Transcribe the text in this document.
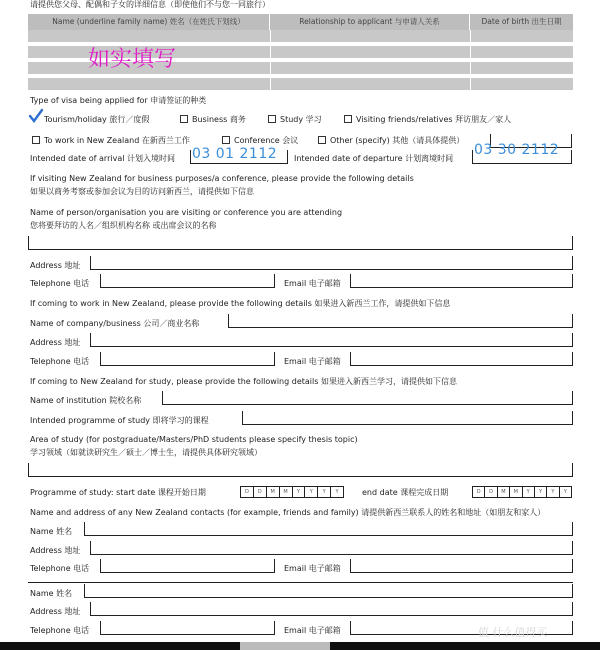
请提供您父母、配偶和子女的详细信息（即使他们不与您一同旅行）
Name (underline family name) 姓名（在姓氏下划线）	Relationship to applicant 与申请人关系	Date of birth 出生日期
如实填写
Type of visa being applied for 申请签证的种类
Tourism/holiday 旅行／度假	Business 商务	Study 学习	Visiting friends/relatives 拜访朋友／家人
To work in New Zealand 在新西兰工作	Conference 会议	Other (specify) 其他（请具体提供）
Intended date of arrival 计划入境时间 03 01 2112 Intended date of departure 计划离境时间
03 30 2112
If visiting New Zealand for business purposes/a conference, please provide the following details
如果以商务考察或参加会议为目的访问新西兰，请提供如下信息
Name of person/organisation you are visiting or conference you are attending
您将要拜访的人名／组织机构名称 或出席会议的名称
Address 地址
Telephone 电话	Email 电子邮箱
If coming to work in New Zealand, please provide the following details 如果进入新西兰工作，请提供如下信息
Name of company/business 公司／商业名称
Address 地址
Telephone 电话	Email 电子邮箱
If coming to New Zealand for study, please provide the following details 如果进入新西兰学习，请提供如下信息
Name of institution 院校名称
Intended programme of study 即将学习的课程
Area of study (for postgraduate/Masters/PhD students please specify thesis topic)
学习领域（如就读研究生／硕士／博士生，请提供具体研究领域）
Programme of study: start date 课程开始日期	D	D	M	M	Y	Y	Y	Y	end date 课程完成日期	D	D	M	M	Y	Y	Y	Y
Name and address of any New Zealand contacts (for example, friends and family) 请提供新西兰联系人的姓名和地址（如朋友和家人）
Name 姓名
Address 地址
Telephone 电话	Email 电子邮箱
Name 姓名
Address 地址
Telephone 电话	Email 电子邮箱	值 什么值得买
